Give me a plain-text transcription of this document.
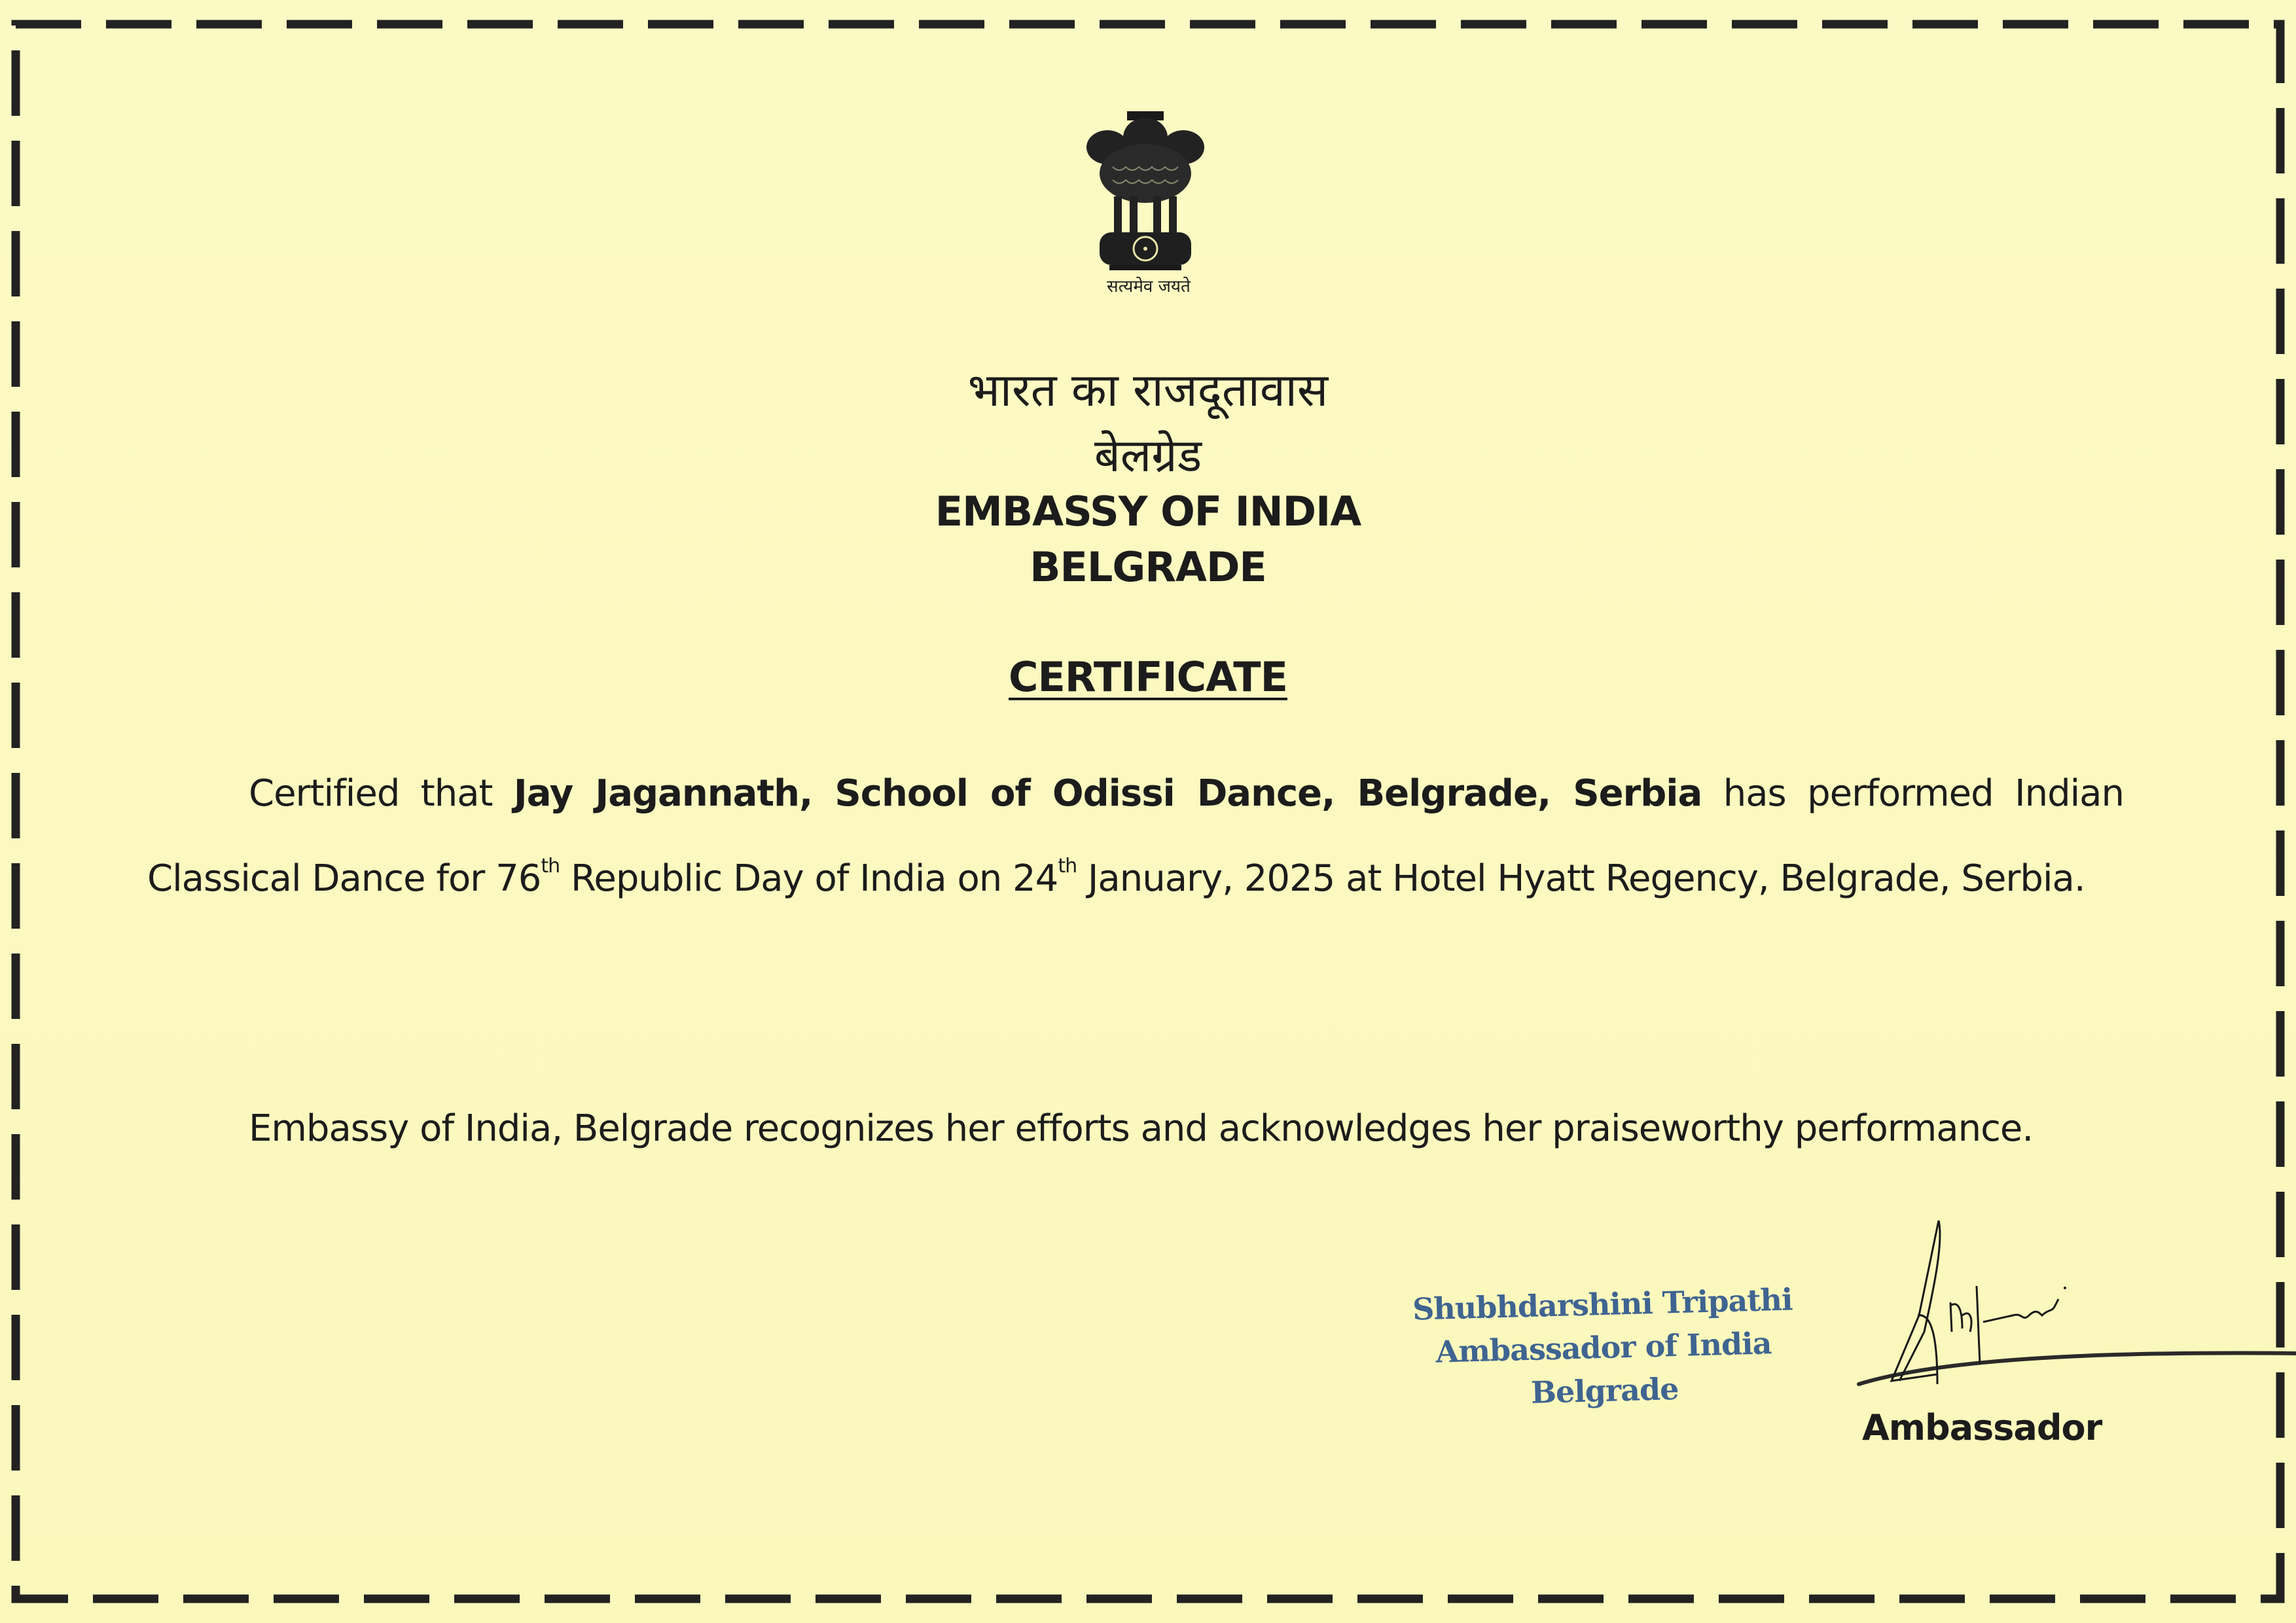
सत्यमेव जयते
भारत का राजदूतावास
बेलग्रेड
EMBASSY OF INDIA
BELGRADE
CERTIFICATE
Certified that Jay Jagannath, School of Odissi Dance, Belgrade, Serbia has performed Indian Classical Dance for 76th Republic Day of India on 24th January, 2025 at Hotel Hyatt Regency, Belgrade, Serbia.
Embassy of India, Belgrade recognizes her efforts and acknowledges her praiseworthy performance.
Shubhdarshini Tripathi
Ambassador of India
Belgrade
Ambassador
